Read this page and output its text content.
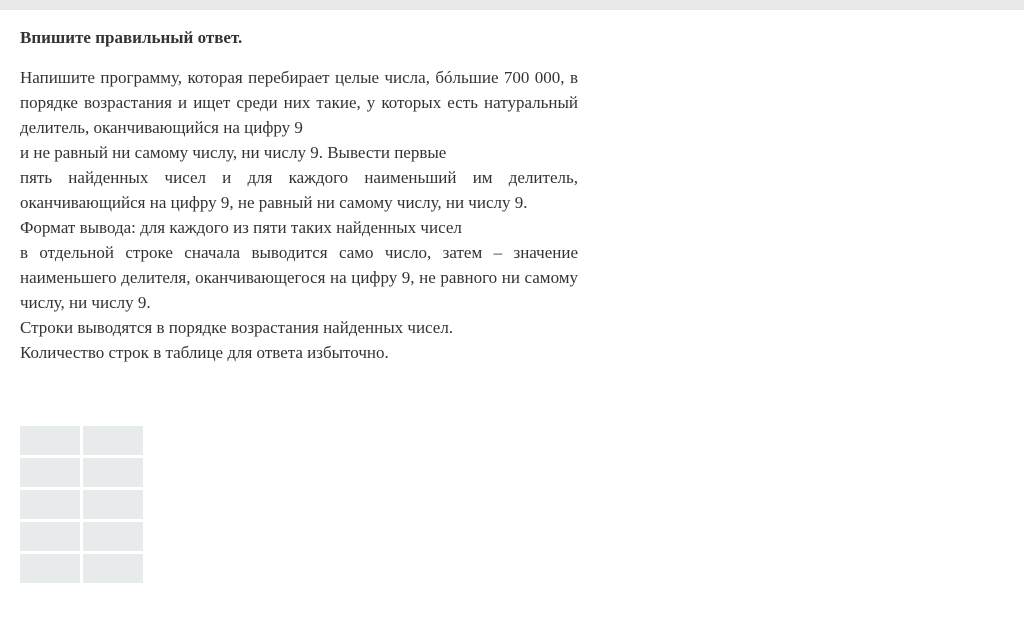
Впишите правильный ответ.

Напишите программу, которая перебирает целые числа, бóльшие 700 000, в порядке возрастания и ищет среди них такие, у которых есть натуральный делитель, оканчивающийся на цифру 9

и не равный ни самому числу, ни числу 9. Вывести первые

пять найденных чисел и для каждого наименьший им делитель, оканчивающийся на цифру 9, не равный ни самому числу, ни числу 9.

Формат вывода: для каждого из пяти таких найденных чисел

в отдельной строке сначала выводится само число, затем – значение наименьшего делителя, оканчивающегося на цифру 9, не равного ни самому числу, ни числу 9.

Строки выводятся в порядке возрастания найденных чисел.

Количество строк в таблице для ответа избыточно.
